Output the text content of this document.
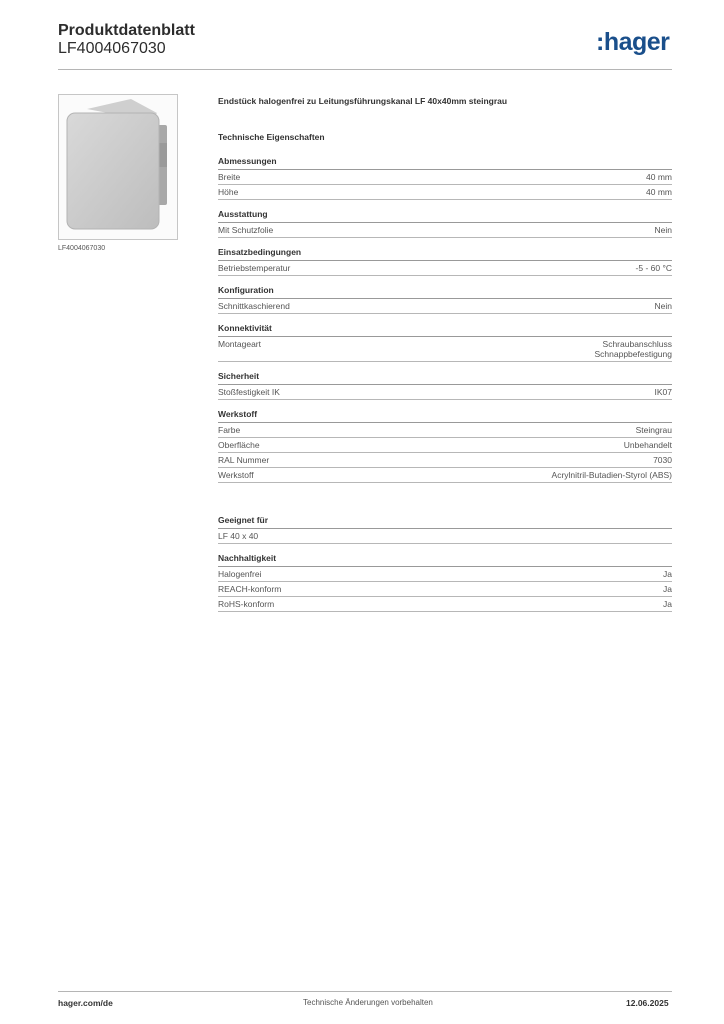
Produktdatenblatt
LF4004067030	:hager
LF4004067030

Endstück halogenfrei zu Leitungsführungskanal LF 40x40mm steingrau

Technische Eigenschaften

Abmessungen
Breite	40 mm
Höhe	40 mm
Ausstattung
Mit Schutzfolie	Nein
Einsatzbedingungen
Betriebstemperatur	-5 - 60 °C
Konfiguration
Schnittkaschierend	Nein
Konnektivität
Montageart	Schraubanschluss
Schnappbefestigung
Sicherheit
Stoßfestigkeit IK	IK07
Werkstoff
Farbe	Steingrau
Oberfläche	Unbehandelt
RAL Nummer	7030
Werkstoff	Acrylnitril-Butadien-Styrol (ABS)
Geeignet für
LF 40 x 40
Nachhaltigkeit
Halogenfrei	Ja
REACH-konform	Ja
RoHS-konform	Ja
hager.com/de	Technische Änderungen vorbehalten	12.06.2025
